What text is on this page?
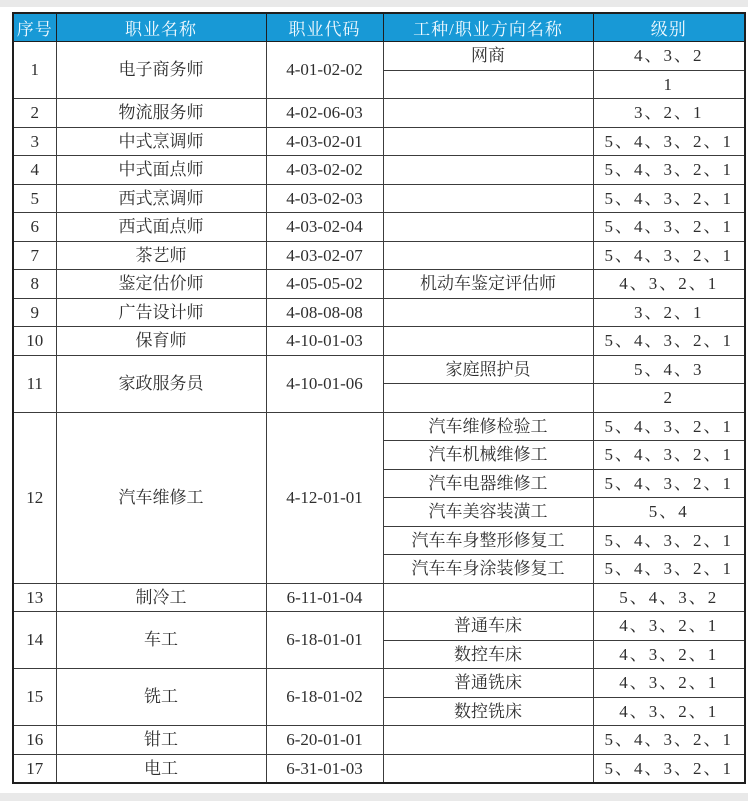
序号	职业名称	职业代码	工种/职业方向名称	级别
1	电子商务师	4-01-02-02	网商	4、3、2
				1
2	物流服务师	4-02-06-03		3、2、1
3	中式烹调师	4-03-02-01		5、4、3、2、1
4	中式面点师	4-03-02-02		5、4、3、2、1
5	西式烹调师	4-03-02-03		5、4、3、2、1
6	西式面点师	4-03-02-04		5、4、3、2、1
7	茶艺师	4-03-02-07		5、4、3、2、1
8	鉴定估价师	4-05-05-02	机动车鉴定评估师	4、3、2、1
9	广告设计师	4-08-08-08		3、2、1
10	保育师	4-10-01-03		5、4、3、2、1
11	家政服务员	4-10-01-06	家庭照护员	5、4、3
				2
12	汽车维修工	4-12-01-01	汽车维修检验工	5、4、3、2、1
			汽车机械维修工	5、4、3、2、1
			汽车电器维修工	5、4、3、2、1
			汽车美容装潢工	5、4
			汽车车身整形修复工	5、4、3、2、1
			汽车车身涂装修复工	5、4、3、2、1
13	制冷工	6-11-01-04		5、4、3、2
14	车工	6-18-01-01	普通车床	4、3、2、1
			数控车床	4、3、2、1
15	铣工	6-18-01-02	普通铣床	4、3、2、1
			数控铣床	4、3、2、1
16	钳工	6-20-01-01		5、4、3、2、1
17	电工	6-31-01-03		5、4、3、2、1
